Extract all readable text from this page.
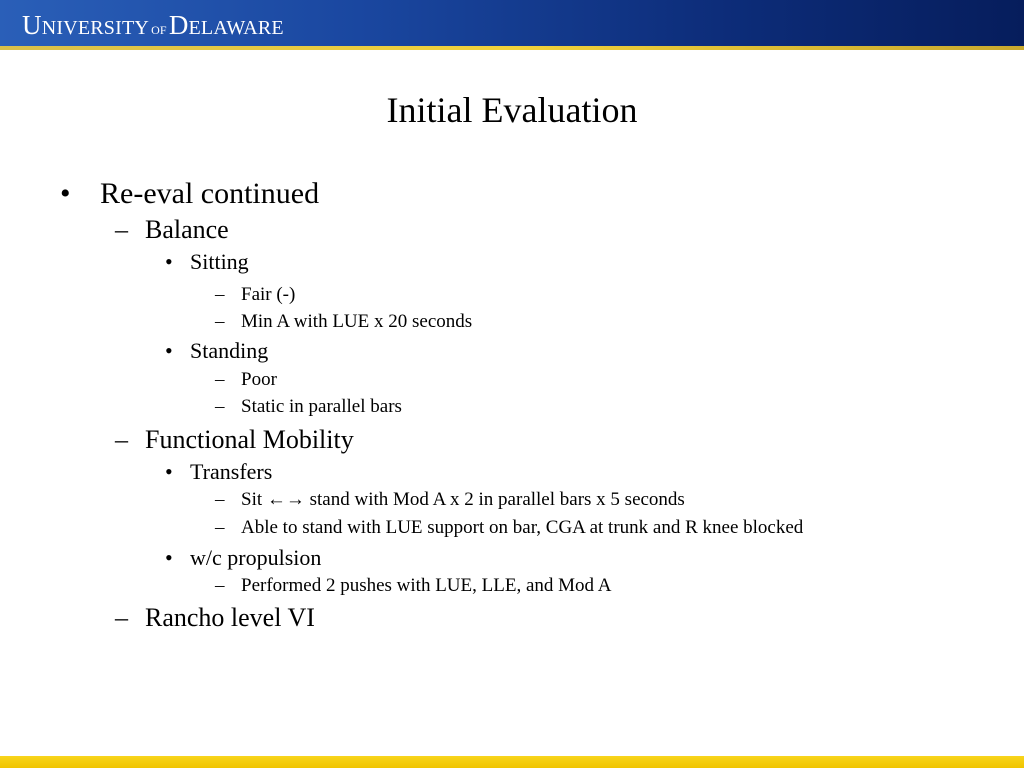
UNIVERSITY OFDELAWARE
Initial Evaluation
• Re-eval continued
– Balance
• Sitting
– Fair (-)
– Min A with LUE x 20 seconds
• Standing
– Poor
– Static in parallel bars
– Functional Mobility
• Transfers
– Sit ←→ stand with Mod A x 2 in parallel bars x 5 seconds
– Able to stand with LUE support on bar, CGA at trunk and R knee blocked
• w/c propulsion
– Performed 2 pushes with LUE, LLE, and Mod A
– Rancho level VI
